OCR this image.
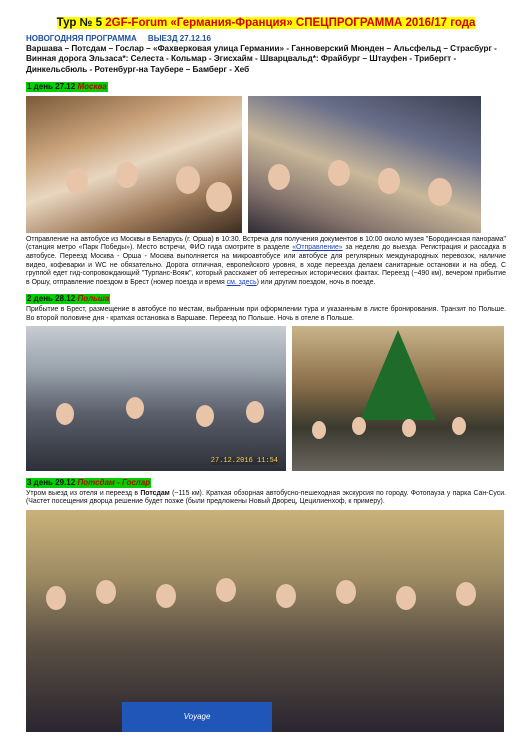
Тур № 5 2GF-Forum «Германия-Франция» СПЕЦПРОГРАММА 2016/17 года
НОВОГОДНЯЯ ПРОГРАММА     ВЫЕЗД 27.12.16
Варшава – Потсдам – Гослар – «Фахверковая улица Германии» - Ганноверский Мюнден – Альсфельд – Страсбург - Винная дорога Эльзаса*: Селеста - Кольмар - Эгисхайм - Шварцвальд*: Фрайбург – Штауфен - Трибергт - Динкельсбюль - Ротенбург-на Таубере – Бамберг - Хеб
1 день 27.12 Москва
Отправление на автобусе из Москвы в Беларусь (г. Орша) в 10:30. Встреча для получения документов в 10:00 около музея "Бородинская панорама" (станция метро «Парк Победы»). Место встречи, ФИО гида смотрите в разделе «Отправление» за неделю до выезда. Регистрация и рассадка в автобусе. Переезд Москва - Орша - Москва выполняется на микроавтобусе или автобусе для регулярных международных перевозок, наличие видео, кофеварки и WC не обязательно. Дорога отличная, европейского уровня, в ходе переезда делаем санитарные остановки и на обед. С группой едет гид-сопровождающий "Турпанс-Вояж", который расскажет об интересных исторических фактах. Переезд (~490 км), вечером прибытие в Оршу, отправление поездом в Брест (номер поезда и время см. здесь) или другим поездом, ночь в поезде.
2 день 28.12 Польша
Прибытие в Брест, размещение в автобусе по местам, выбранным при оформлении тура и указанным в листе бронирования. Транзит по Польше. Во второй половине дня - краткая остановка в Варшаве. Переезд по Польше. Ночь в отеле в Польше.
27.12.2016 11:54
3 день 29.12 Потсдам - Гослар
Утром выезд из отеля и переезд в Потсдам (~115 км). Краткая обзорная автобусно-пешеходная экскурсия по городу. Фотопауза у парка Сан-Суси. (Частет посещения дворца решение будет позже (были предложены Новый Дворец, Цецилиенхоф, к примеру).
Voyage
